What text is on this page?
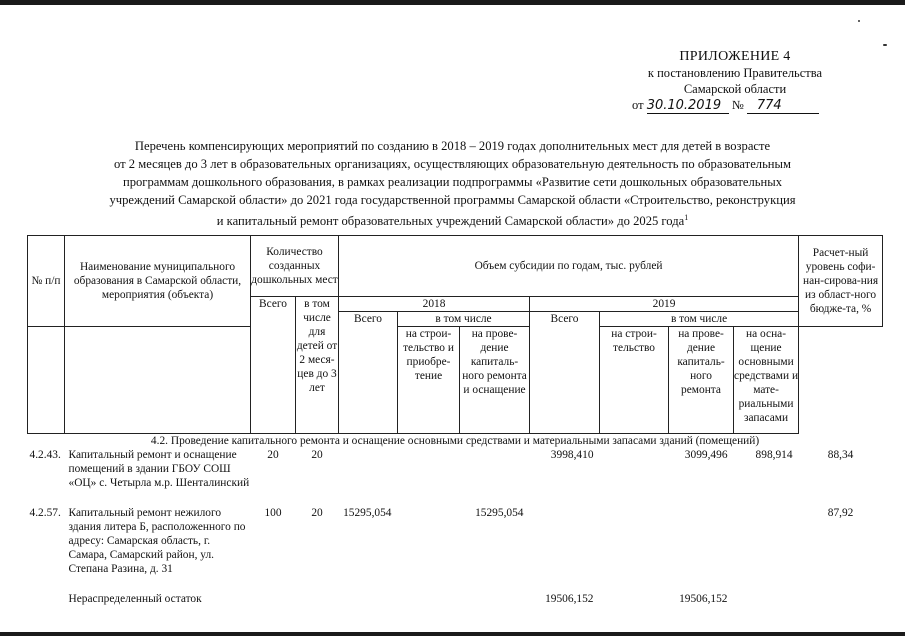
ПРИЛОЖЕНИЕ 4
к постановлению Правительства
Самарской области
от 30.10.2019 № 774
Перечень компенсирующих мероприятий по созданию в 2018 – 2019 годах дополнительных мест для детей в возрасте
от 2 месяцев до 3 лет в образовательных организациях, осуществляющих образовательную деятельность по образовательным
программам дошкольного образования, в рамках реализации подпрограммы «Развитие сети дошкольных образовательных
учреждений Самарской области» до 2021 года государственной программы Самарской области «Строительство, реконструкция
и капитальный ремонт образовательных учреждений Самарской области» до 2025 года$^1$
№ п/п	Наименование муниципального образования в Самарской области, мероприятия (объекта)	Количество созданных дошкольных мест		Объем субсидии по годам, тыс. рублей							Расчет-ный уровень софи-нан-сирова-ния из област-ного бюдже-та, %
		Всего	в том числе для детей от 2 меся-цев до 3 лет	2018			2019				
				Всего	в том числе		Всего	в том числе			
					на строи-тельство и приобре-тение	на прове-дение капиталь-ного ремонта и оснащение		на строи-тельство	на прове-дение капиталь-ного ремонта	на осна-щение основными средствами и мате-риальными запасами	
4.2. Проведение капитального ремонта и оснащение основными средствами и материальными запасами зданий (помещений)											
4.2.43.	Капитальный ремонт и оснащение помещений в здании ГБОУ СОШ «ОЦ» с. Четырла м.р. Шенталинский	20	20				3998,410		3099,496	898,914	88,34
4.2.57.	Капитальный ремонт нежилого здания литера Б, расположенного по адресу: Самарская область, г. Самара, Самарский район, ул. Степана Разина, д. 31	100	20	15295,054		15295,054					87,92
	Нераспределенный остаток						19506,152		19506,152		
